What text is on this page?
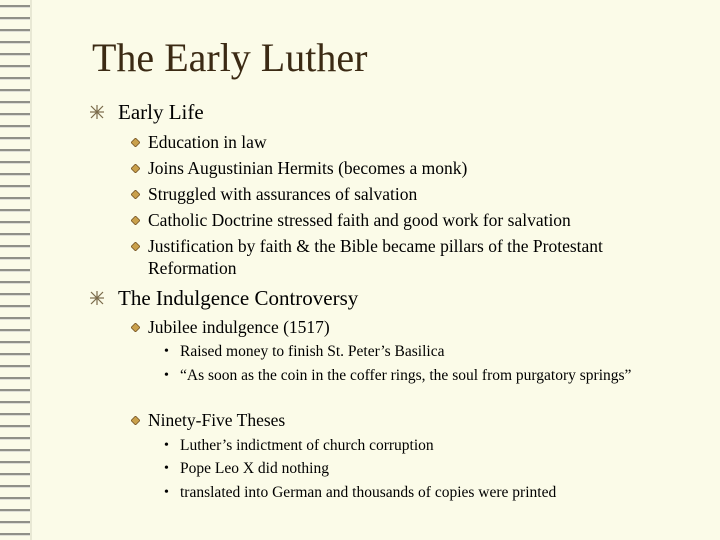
The Early Luther
Early Life
Education in law
Joins Augustinian Hermits (becomes a monk)
Struggled with assurances of salvation
Catholic Doctrine stressed faith and good work for salvation
Justification by faith & the Bible became pillars of the Protestant Reformation
The Indulgence Controversy
Jubilee indulgence (1517)
• Raised money to finish St. Peter’s Basilica
• “As soon as the coin in the coffer rings, the soul from purgatory springs”
Ninety-Five Theses
• Luther’s indictment of church corruption
• Pope Leo X did nothing
• translated into German and thousands of copies were printed
